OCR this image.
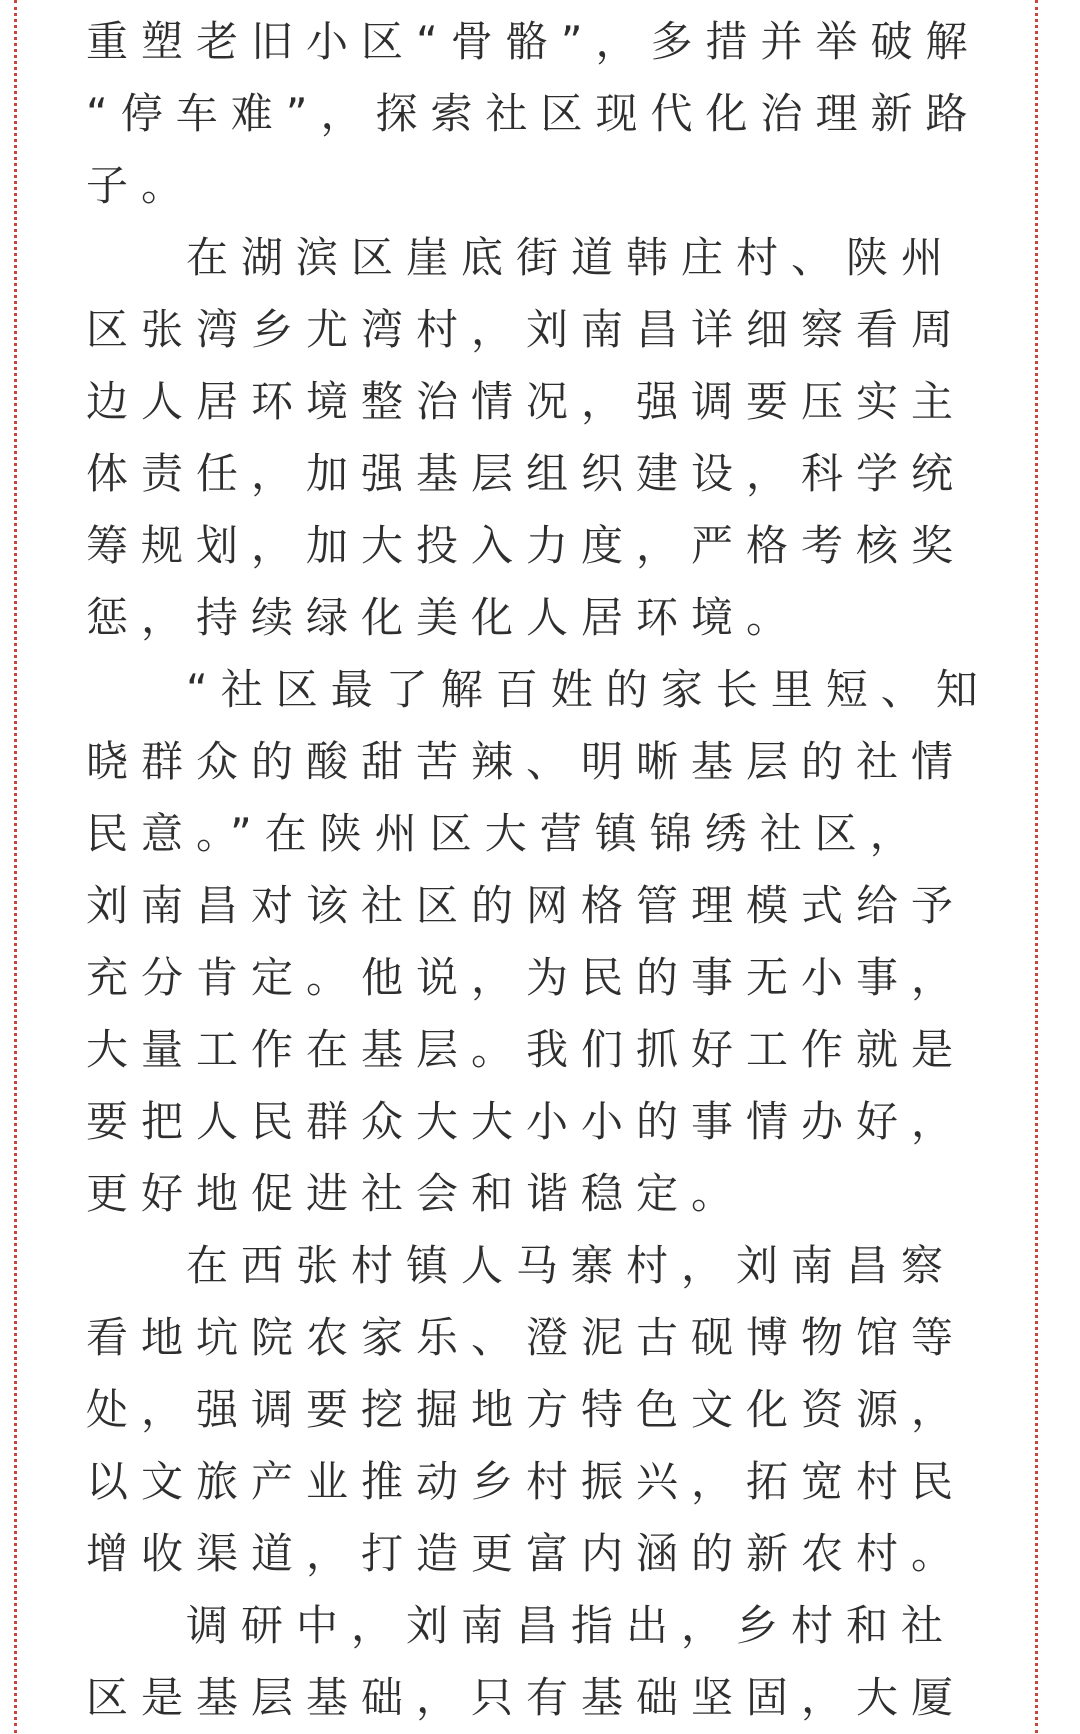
重塑老旧小区“骨骼”，多措并举破解
“停车难”，探索社区现代化治理新路
子。
在湖滨区崖底街道韩庄村、陕州
区张湾乡尤湾村，刘南昌详细察看周
边人居环境整治情况，强调要压实主
体责任，加强基层组织建设，科学统
筹规划，加大投入力度，严格考核奖
惩，持续绿化美化人居环境。
“社区最了解百姓的家长里短、知
晓群众的酸甜苦辣、明晰基层的社情
民意。”在陕州区大营镇锦绣社区，
刘南昌对该社区的网格管理模式给予
充分肯定。他说，为民的事无小事，
大量工作在基层。我们抓好工作就是
要把人民群众大大小小的事情办好，
更好地促进社会和谐稳定。
在西张村镇人马寨村，刘南昌察
看地坑院农家乐、澄泥古砚博物馆等
处，强调要挖掘地方特色文化资源，
以文旅产业推动乡村振兴，拓宽村民
增收渠道，打造更富内涵的新农村。
调研中，刘南昌指出，乡村和社
区是基层基础，只有基础坚固，大厦
